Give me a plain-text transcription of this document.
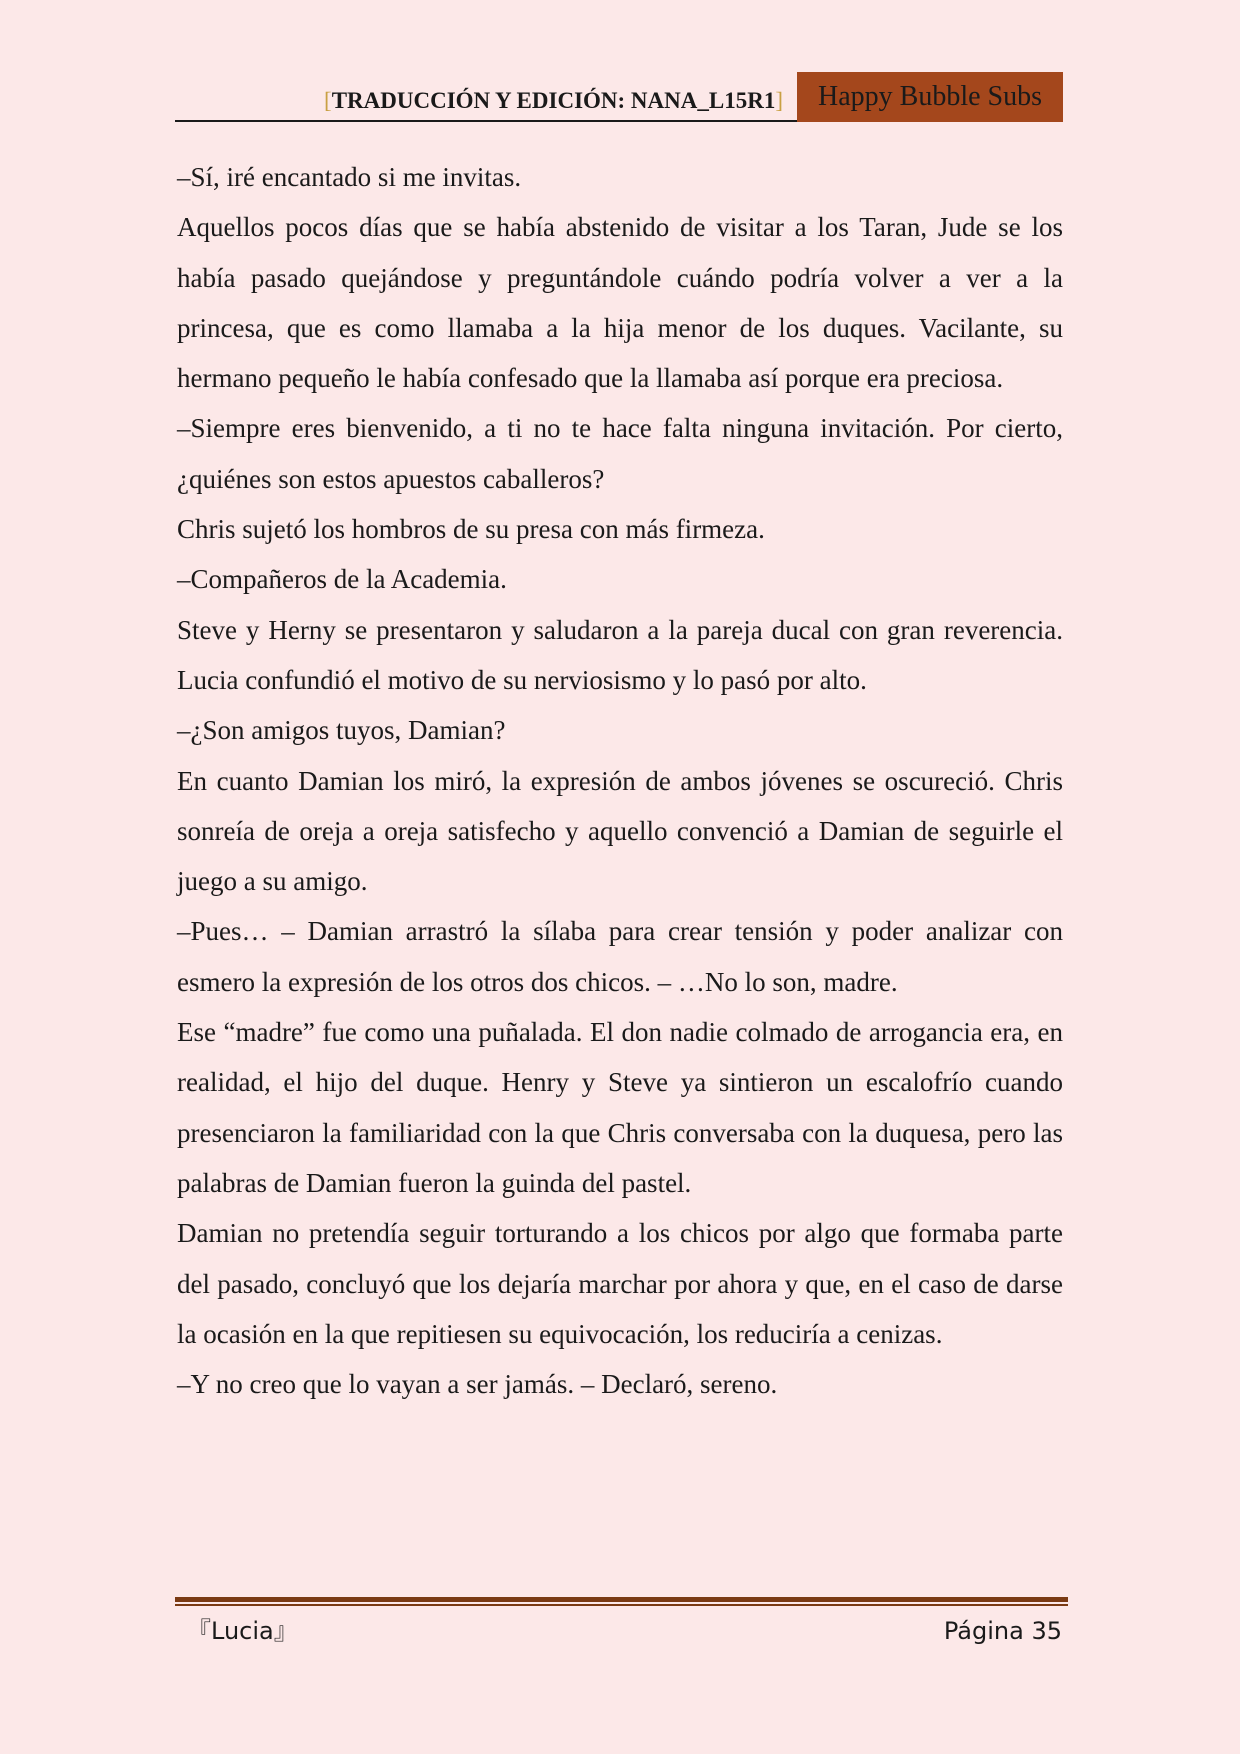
[TRADUCCIÓN Y EDICIÓN: NANA_L15R1]	Happy Bubble Subs

–Sí, iré encantado si me invitas.

Aquellos pocos días que se había abstenido de visitar a los Taran, Jude se los había pasado quejándose y preguntándole cuándo podría volver a ver a la princesa, que es como llamaba a la hija menor de los duques. Vacilante, su hermano pequeño le había confesado que la llamaba así porque era preciosa.

–Siempre eres bienvenido, a ti no te hace falta ninguna invitación. Por cierto, ¿quiénes son estos apuestos caballeros?

Chris sujetó los hombros de su presa con más firmeza.

–Compañeros de la Academia.

Steve y Herny se presentaron y saludaron a la pareja ducal con gran reverencia. Lucia confundió el motivo de su nerviosismo y lo pasó por alto.

–¿Son amigos tuyos, Damian?

En cuanto Damian los miró, la expresión de ambos jóvenes se oscureció. Chris sonreía de oreja a oreja satisfecho y aquello convenció a Damian de seguirle el juego a su amigo.

–Pues… – Damian arrastró la sílaba para crear tensión y poder analizar con esmero la expresión de los otros dos chicos. – …No lo son, madre.

Ese “madre” fue como una puñalada. El don nadie colmado de arrogancia era, en realidad, el hijo del duque. Henry y Steve ya sintieron un escalofrío cuando presenciaron la familiaridad con la que Chris conversaba con la duquesa, pero las palabras de Damian fueron la guinda del pastel.

Damian no pretendía seguir torturando a los chicos por algo que formaba parte del pasado, concluyó que los dejaría marchar por ahora y que, en el caso de darse la ocasión en la que repitiesen su equivocación, los reduciría a cenizas.

–Y no creo que lo vayan a ser jamás. – Declaró, sereno.

『Lucia』	Página 35
